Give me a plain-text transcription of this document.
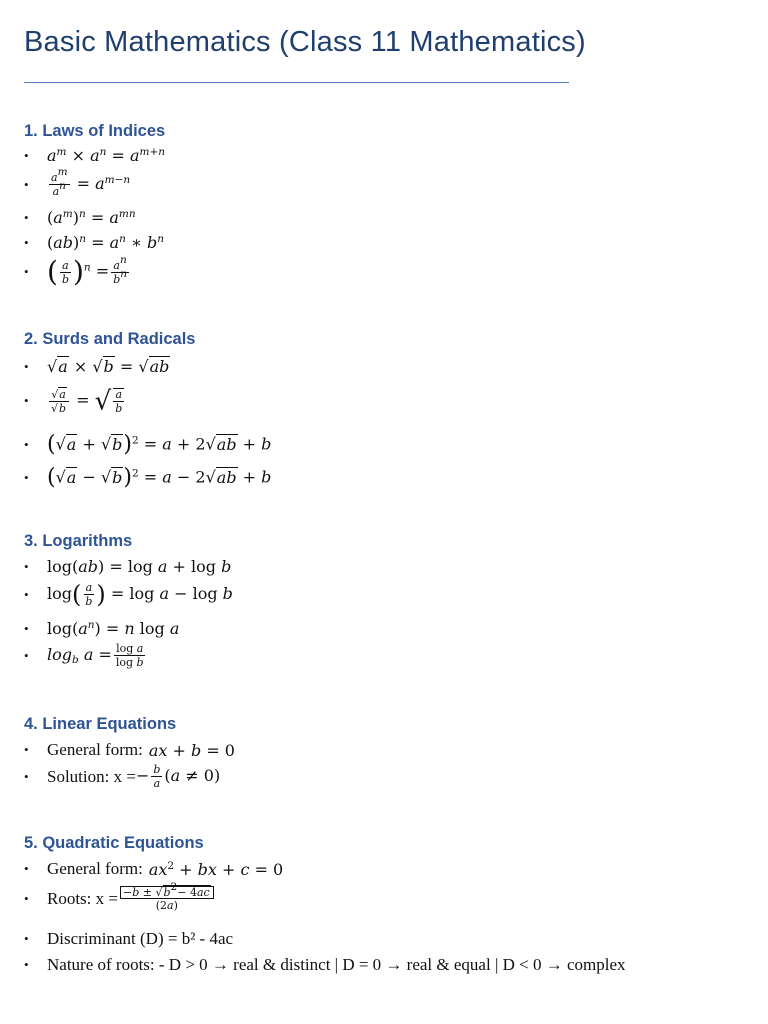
Basic Mathematics (Class 11 Mathematics)
1. Laws of Indices
•	$a^m \times a^n = a^{m+n}$
•	$\frac{a^m}{a^n} = a^{m-n}$
•	$(a^m)^n = a^{mn}$
•	$(ab)^n = a^n$ ∗ $b^n$
• ( $\frac{a}{b} )^n = \frac{a^n}{b^n}$
2. Surds and Radicals
•	√a × √b = √ab
•	$\frac{√a}{√b}$ = √ $\frac{a}{b}$
• $(√a + √b)^2 = a + 2√ab + b$
• $(√a - √b)^2 = a - 2√ab + b$
3. Logarithms
•	log(ab) = log a + log b
•	$\log( \frac{a}{b}$ ) = log a − log b
•	$\log(a^n) = n$ log a
•	$\log_b a = \frac{\text{log a}}{\text{log b}}$
4. Linear Equations
•	General form: ax + b = 0
•	Solution: x = − $\frac{b}{a} (a \ne 0)$
5. Quadratic Equations
•	General form: $ax^2$ + bx + c = 0
•	Roots: $x = \frac{-b \pm √b^2- 4ac}{(2a)}$
•	Discriminant (D) = b² - 4ac
•	Nature of roots: - D > 0 → real & distinct | D = 0 → real & equal | D < 0 → complex
